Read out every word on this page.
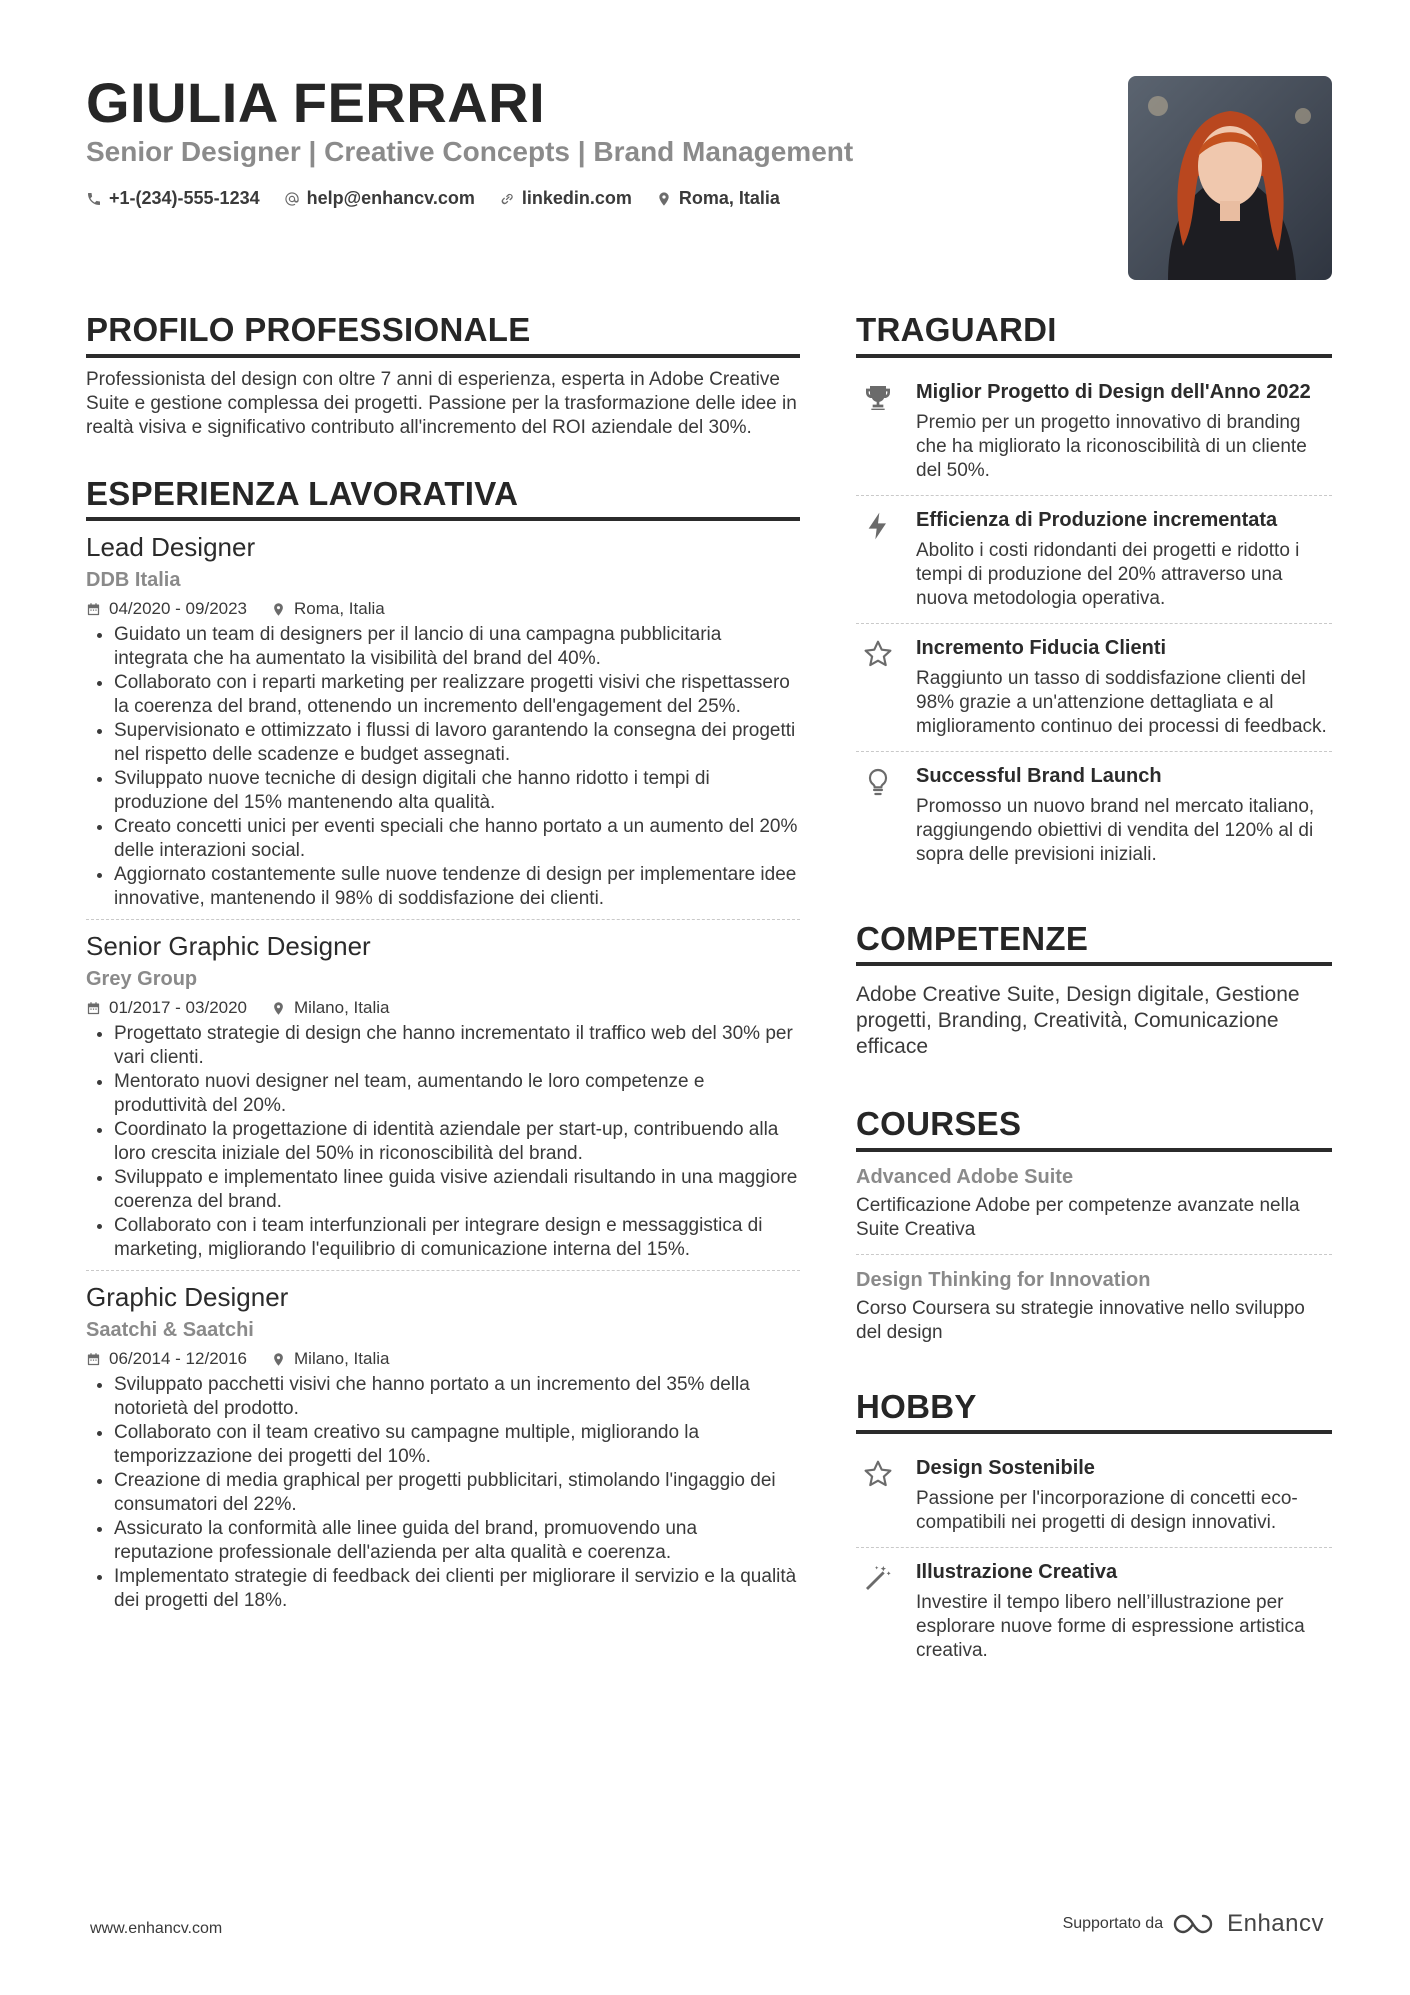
GIULIA FERRARI
Senior Designer | Creative Concepts | Brand Management
+1-(234)-555-1234	help@enhancv.com	linkedin.com	Roma, Italia
PROFILO PROFESSIONALE
Professionista del design con oltre 7 anni di esperienza, esperta in Adobe Creative Suite e gestione complessa dei progetti. Passione per la trasformazione delle idee in realtà visiva e significativo contributo all'incremento del ROI aziendale del 30%.
ESPERIENZA LAVORATIVA
Lead Designer
DDB Italia
04/2020 - 09/2023	Roma, Italia
• Guidato un team di designers per il lancio di una campagna pubblicitaria integrata che ha aumentato la visibilità del brand del 40%.
• Collaborato con i reparti marketing per realizzare progetti visivi che rispettassero la coerenza del brand, ottenendo un incremento dell'engagement del 25%.
• Supervisionato e ottimizzato i flussi di lavoro garantendo la consegna dei progetti nel rispetto delle scadenze e budget assegnati.
• Sviluppato nuove tecniche di design digitali che hanno ridotto i tempi di produzione del 15% mantenendo alta qualità.
• Creato concetti unici per eventi speciali che hanno portato a un aumento del 20% delle interazioni social.
• Aggiornato costantemente sulle nuove tendenze di design per implementare idee innovative, mantenendo il 98% di soddisfazione dei clienti.
Senior Graphic Designer
Grey Group
01/2017 - 03/2020	Milano, Italia
• Progettato strategie di design che hanno incrementato il traffico web del 30% per vari clienti.
• Mentorato nuovi designer nel team, aumentando le loro competenze e produttività del 20%.
• Coordinato la progettazione di identità aziendale per start-up, contribuendo alla loro crescita iniziale del 50% in riconoscibilità del brand.
• Sviluppato e implementato linee guida visive aziendali risultando in una maggiore coerenza del brand.
• Collaborato con i team interfunzionali per integrare design e messaggistica di marketing, migliorando l'equilibrio di comunicazione interna del 15%.
Graphic Designer
Saatchi & Saatchi
06/2014 - 12/2016	Milano, Italia
• Sviluppato pacchetti visivi che hanno portato a un incremento del 35% della notorietà del prodotto.
• Collaborato con il team creativo su campagne multiple, migliorando la temporizzazione dei progetti del 10%.
• Creazione di media graphical per progetti pubblicitari, stimolando l'ingaggio dei consumatori del 22%.
• Assicurato la conformità alle linee guida del brand, promuovendo una reputazione professionale dell'azienda per alta qualità e coerenza.
• Implementato strategie di feedback dei clienti per migliorare il servizio e la qualità dei progetti del 18%.
TRAGUARDI
Miglior Progetto di Design dell'Anno 2022
Premio per un progetto innovativo di branding che ha migliorato la riconoscibilità di un cliente del 50%.
Efficienza di Produzione incrementata
Abolito i costi ridondanti dei progetti e ridotto i tempi di produzione del 20% attraverso una nuova metodologia operativa.
Incremento Fiducia Clienti
Raggiunto un tasso di soddisfazione clienti del 98% grazie a un'attenzione dettagliata e al miglioramento continuo dei processi di feedback.
Successful Brand Launch
Promosso un nuovo brand nel mercato italiano, raggiungendo obiettivi di vendita del 120% al di sopra delle previsioni iniziali.
COMPETENZE
Adobe Creative Suite, Design digitale, Gestione progetti, Branding, Creatività, Comunicazione efficace
COURSES
Advanced Adobe Suite
Certificazione Adobe per competenze avanzate nella Suite Creativa
Design Thinking for Innovation
Corso Coursera su strategie innovative nello sviluppo del design
HOBBY
Design Sostenibile
Passione per l'incorporazione di concetti eco-compatibili nei progetti di design innovativi.
Illustrazione Creativa
Investire il tempo libero nell’illustrazione per esplorare nuove forme di espressione artistica creativa.
www.enhancv.com	Supportato da	Enhancv
